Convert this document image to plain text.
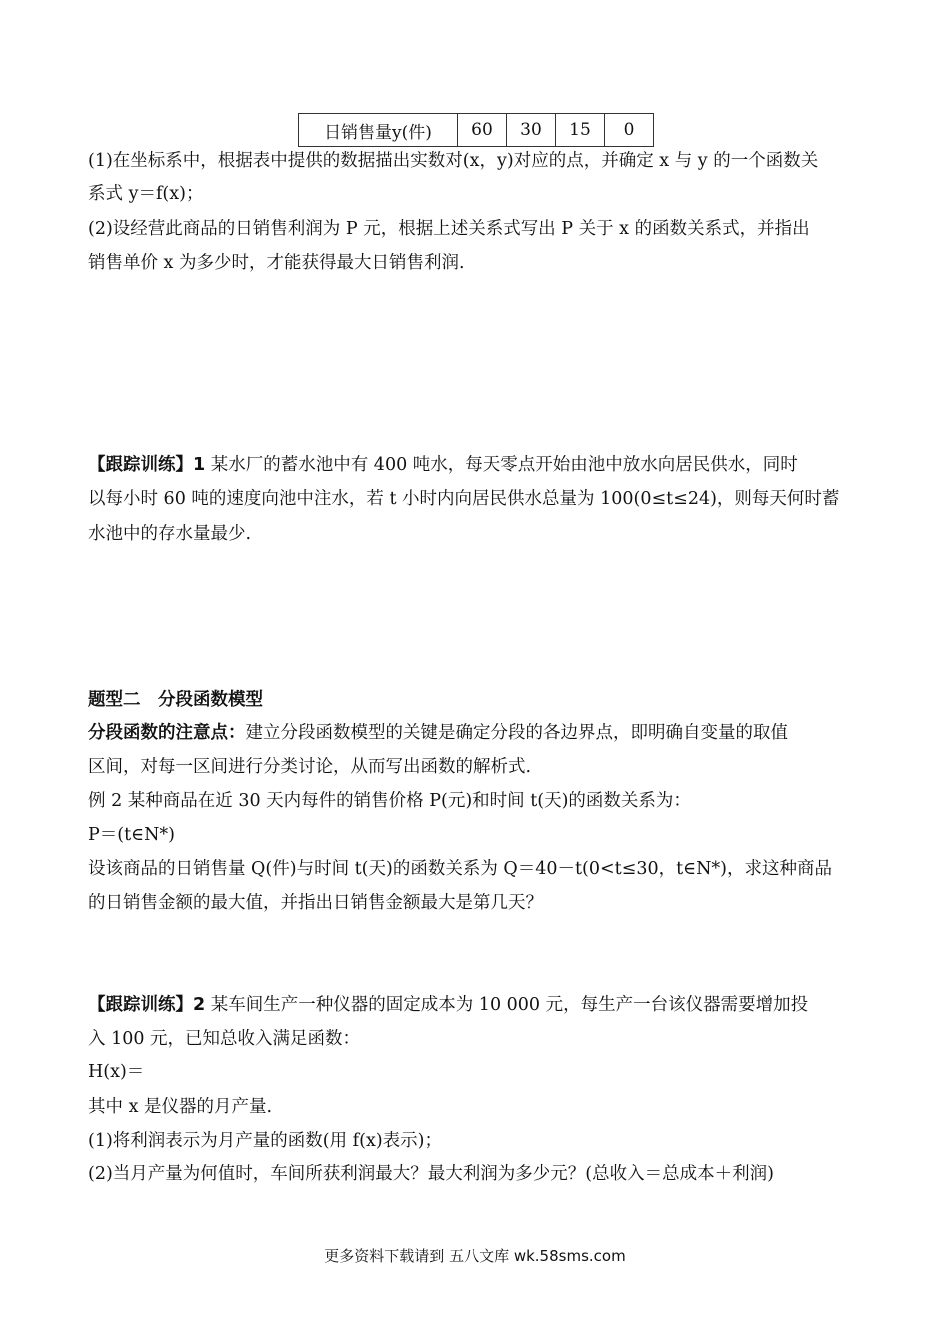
日销售量y(件)	60	30	15	0
(1)在坐标系中，根据表中提供的数据描出实数对(x，y)对应的点，并确定 x 与 y 的一个函数关
系式 y＝f(x)；
(2)设经营此商品的日销售利润为 P 元，根据上述关系式写出 P 关于 x 的函数关系式，并指出
销售单价 x 为多少时，才能获得最大日销售利润.
【跟踪训练】1 某水厂的蓄水池中有 400 吨水，每天零点开始由池中放水向居民供水，同时
以每小时 60 吨的速度向池中注水，若 t 小时内向居民供水总量为 100(0≤t≤24)，则每天何时蓄
水池中的存水量最少.
题型二　分段函数模型
分段函数的注意点：建立分段函数模型的关键是确定分段的各边界点，即明确自变量的取值
区间，对每一区间进行分类讨论，从而写出函数的解析式.
例 2 某种商品在近 30 天内每件的销售价格 P(元)和时间 t(天)的函数关系为：
P＝(t∈N*)
设该商品的日销售量 Q(件)与时间 t(天)的函数关系为 Q＝40－t(0<t≤30，t∈N*)，求这种商品
的日销售金额的最大值，并指出日销售金额最大是第几天？
【跟踪训练】2 某车间生产一种仪器的固定成本为 10 000 元，每生产一台该仪器需要增加投
入 100 元，已知总收入满足函数：
H(x)＝
其中 x 是仪器的月产量.
(1)将利润表示为月产量的函数(用 f(x)表示)；
(2)当月产量为何值时，车间所获利润最大？最大利润为多少元？(总收入＝总成本＋利润)
更多资料下载请到 五八文库 wk.58sms.com
